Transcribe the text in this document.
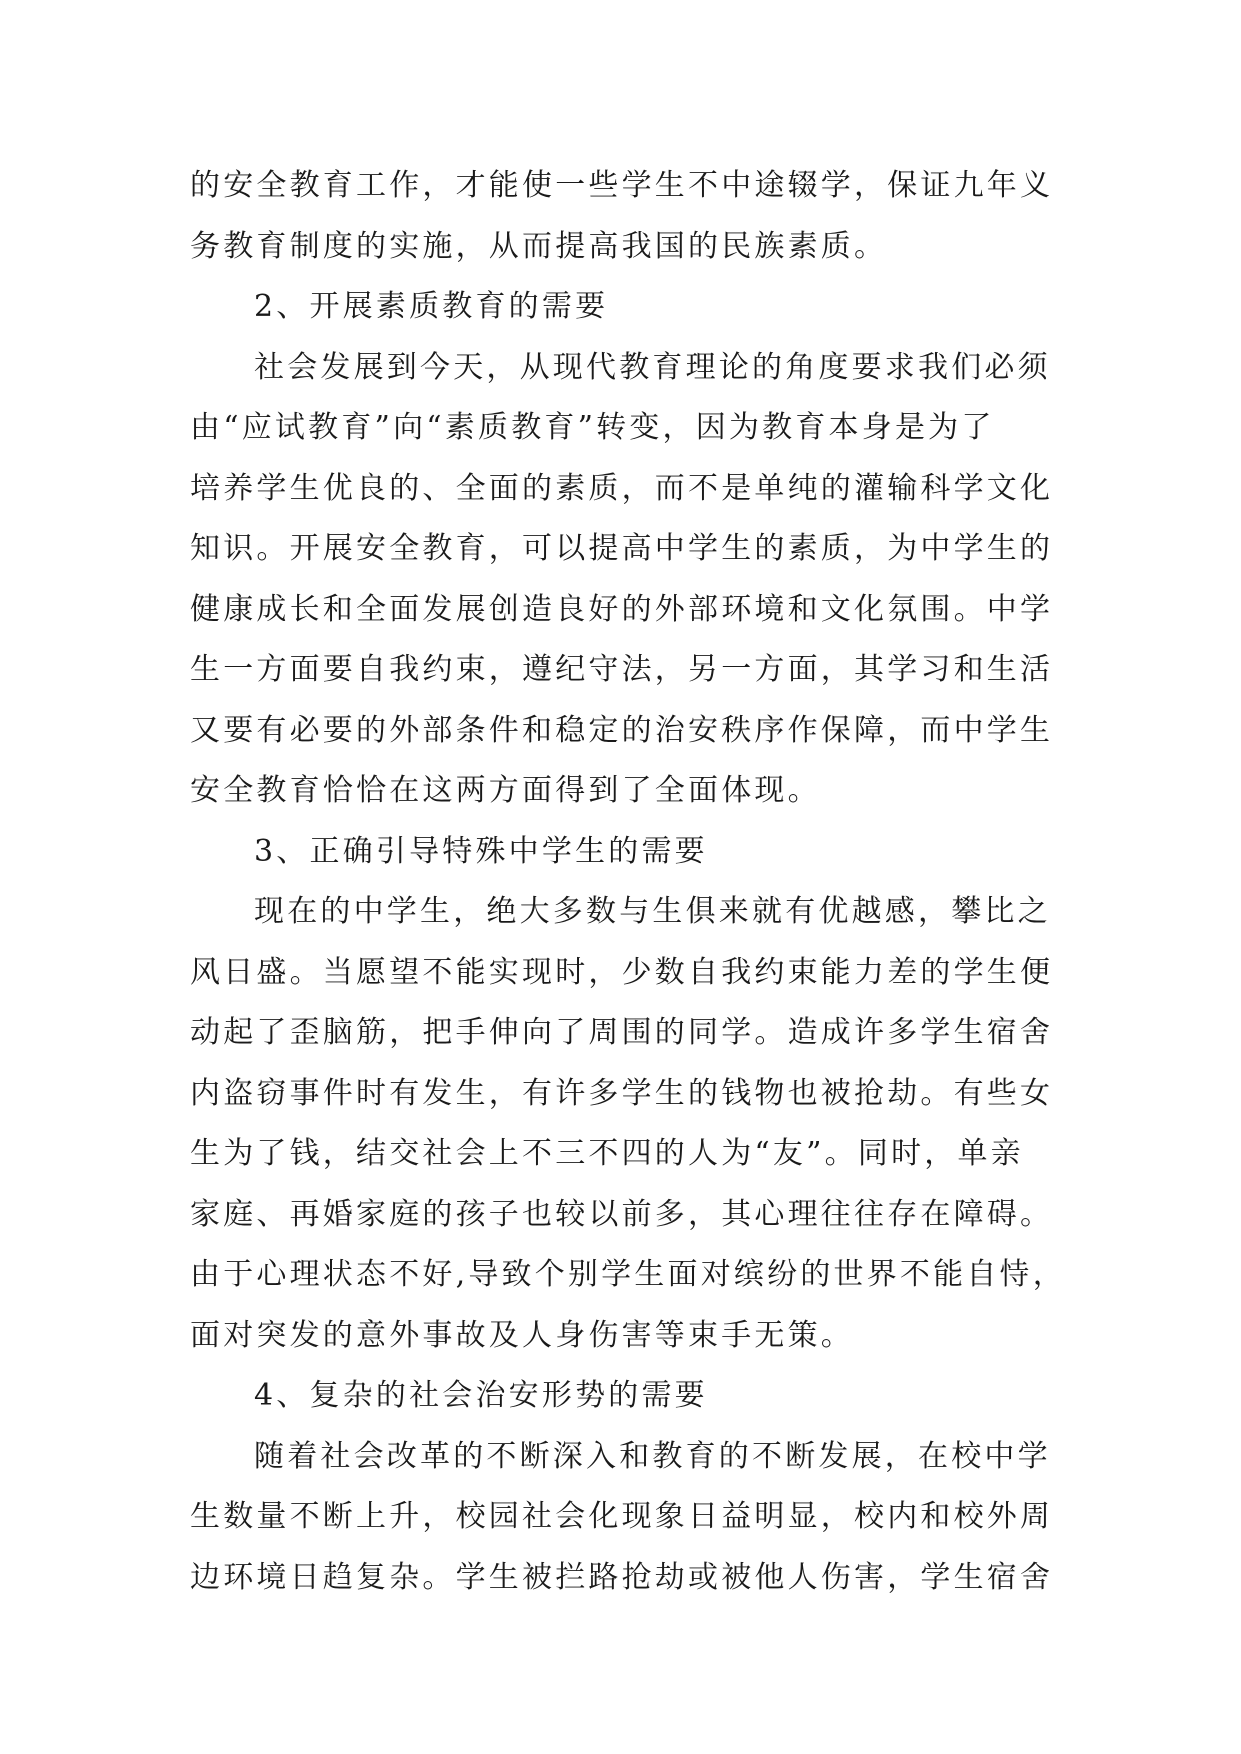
的安全教育工作，才能使一些学生不中途辍学，保证九年义
务教育制度的实施，从而提高我国的民族素质。
2、开展素质教育的需要
社会发展到今天，从现代教育理论的角度要求我们必须
由“应试教育”向“素质教育”转变，因为教育本身是为了
培养学生优良的、全面的素质，而不是单纯的灌输科学文化
知识。开展安全教育，可以提高中学生的素质，为中学生的
健康成长和全面发展创造良好的外部环境和文化氛围。中学
生一方面要自我约束，遵纪守法，另一方面，其学习和生活
又要有必要的外部条件和稳定的治安秩序作保障，而中学生
安全教育恰恰在这两方面得到了全面体现。
3、正确引导特殊中学生的需要
现在的中学生，绝大多数与生俱来就有优越感，攀比之
风日盛。当愿望不能实现时，少数自我约束能力差的学生便
动起了歪脑筋，把手伸向了周围的同学。造成许多学生宿舍
内盗窃事件时有发生，有许多学生的钱物也被抢劫。有些女
生为了钱，结交社会上不三不四的人为“友”。同时，单亲
家庭、再婚家庭的孩子也较以前多，其心理往往存在障碍。
由于心理状态不好,导致个别学生面对缤纷的世界不能自恃，
面对突发的意外事故及人身伤害等束手无策。
4、复杂的社会治安形势的需要
随着社会改革的不断深入和教育的不断发展，在校中学
生数量不断上升，校园社会化现象日益明显，校内和校外周
边环境日趋复杂。学生被拦路抢劫或被他人伤害，学生宿舍
